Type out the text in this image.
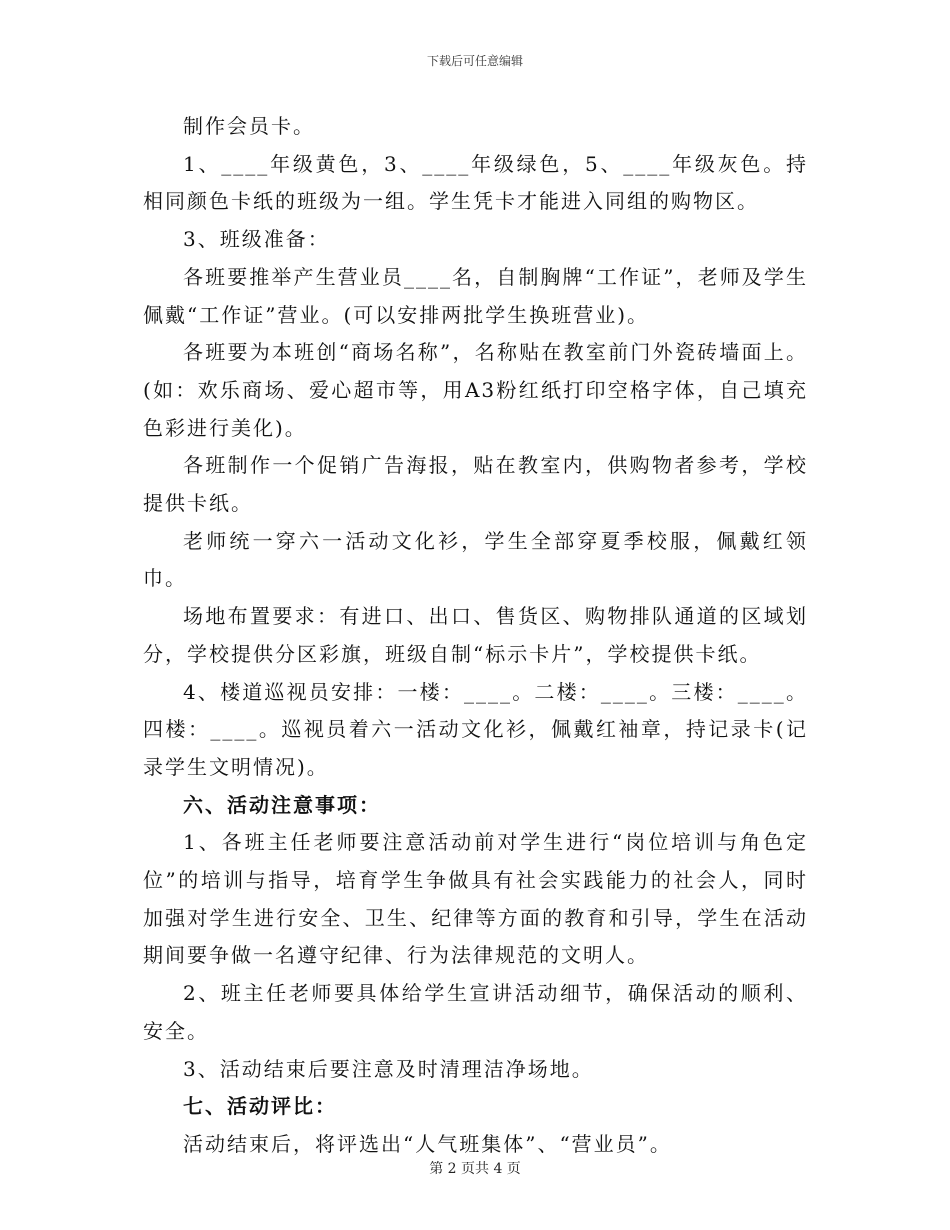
下载后可任意编辑

制作会员卡。

1、____年级黄色，3、____年级绿色，5、____年级灰色。持相同颜色卡纸的班级为一组。学生凭卡才能进入同组的购物区。

3、班级准备：

各班要推举产生营业员____名，自制胸牌“工作证”，老师及学生佩戴“工作证”营业。(可以安排两批学生换班营业)。

各班要为本班创“商场名称”，名称贴在教室前门外瓷砖墙面上。(如：欢乐商场、爱心超市等，用A3粉红纸打印空格字体，自己填充色彩进行美化)。

各班制作一个促销广告海报，贴在教室内，供购物者参考，学校提供卡纸。

老师统一穿六一活动文化衫，学生全部穿夏季校服，佩戴红领巾。

场地布置要求：有进口、出口、售货区、购物排队通道的区域划分，学校提供分区彩旗，班级自制“标示卡片”，学校提供卡纸。

4、楼道巡视员安排：一楼：____。二楼：____。三楼：____。四楼：____。巡视员着六一活动文化衫，佩戴红袖章，持记录卡(记录学生文明情况)。

六、活动注意事项：

1、各班主任老师要注意活动前对学生进行“岗位培训与角色定位”的培训与指导，培育学生争做具有社会实践能力的社会人，同时加强对学生进行安全、卫生、纪律等方面的教育和引导，学生在活动期间要争做一名遵守纪律、行为法律规范的文明人。

2、班主任老师要具体给学生宣讲活动细节，确保活动的顺利、安全。

3、活动结束后要注意及时清理洁净场地。

七、活动评比：

活动结束后，将评选出“人气班集体”、“营业员”。

第 2 页共 4 页
